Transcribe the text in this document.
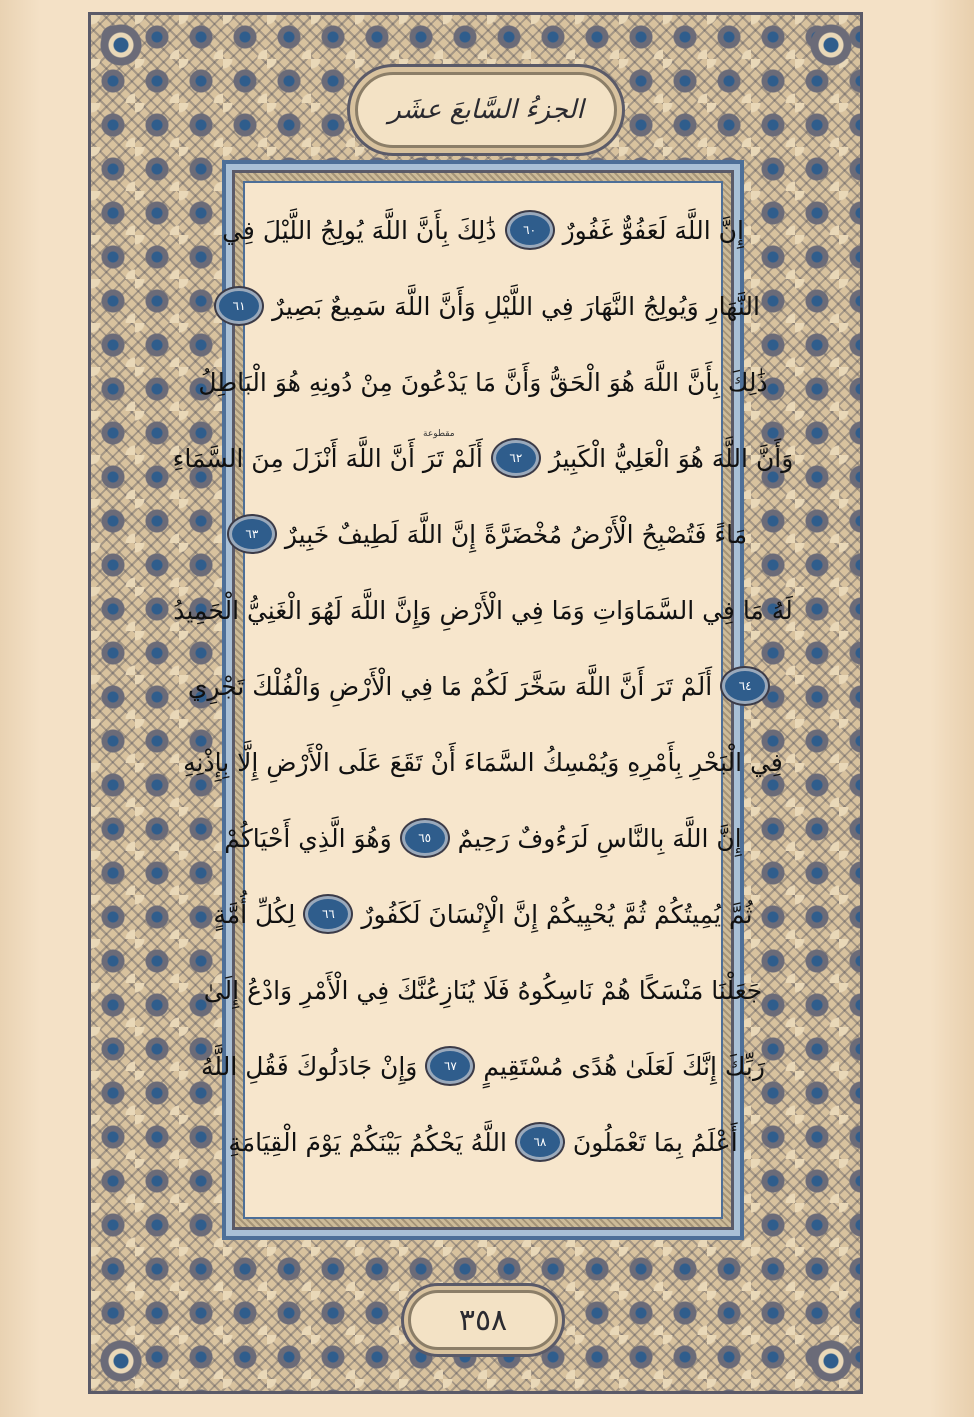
الجزءُ السَّابعَ عشَر
إِنَّ اللَّهَ لَعَفُوٌّ غَفُورٌ
٦٠
ذَٰلِكَ بِأَنَّ اللَّهَ يُولِجُ اللَّيْلَ فِي
النَّهَارِ وَيُولِجُ النَّهَارَ فِي اللَّيْلِ وَأَنَّ اللَّهَ سَمِيعٌ بَصِيرٌ
٦١
ذَٰلِكَ بِأَنَّ اللَّهَ هُوَ الْحَقُّ وَأَنَّ مَا يَدْعُونَ مِنْ دُونِهِ هُوَ الْبَاطِلُ
وَأَنَّ اللَّهَ هُوَ الْعَلِيُّ الْكَبِيرُ
٦٢
أَلَمْ تَرَ أَنَّ اللَّهَ أَنْزَلَ مِنَ السَّمَاءِ
مَاءً فَتُصْبِحُ الْأَرْضُ مُخْضَرَّةً إِنَّ اللَّهَ لَطِيفٌ خَبِيرٌ
٦٣
لَهُ مَا فِي السَّمَاوَاتِ وَمَا فِي الْأَرْضِ وَإِنَّ اللَّهَ لَهُوَ الْغَنِيُّ الْحَمِيدُ
٦٤
أَلَمْ تَرَ أَنَّ اللَّهَ سَخَّرَ لَكُمْ مَا فِي الْأَرْضِ وَالْفُلْكَ تَجْرِي
فِي الْبَحْرِ بِأَمْرِهِ وَيُمْسِكُ السَّمَاءَ أَنْ تَقَعَ عَلَى الْأَرْضِ إِلَّا بِإِذْنِهِ
إِنَّ اللَّهَ بِالنَّاسِ لَرَءُوفٌ رَحِيمٌ
٦٥
وَهُوَ الَّذِي أَحْيَاكُمْ
ثُمَّ يُمِيتُكُمْ ثُمَّ يُحْيِيكُمْ إِنَّ الْإِنْسَانَ لَكَفُورٌ
٦٦
لِكُلِّ أُمَّةٍ
جَعَلْنَا مَنْسَكًا هُمْ نَاسِكُوهُ فَلَا يُنَازِعُنَّكَ فِي الْأَمْرِ وَادْعُ إِلَىٰ
رَبِّكَ إِنَّكَ لَعَلَىٰ هُدًى مُسْتَقِيمٍ
٦٧
وَإِنْ جَادَلُوكَ فَقُلِ اللَّهُ
أَعْلَمُ بِمَا تَعْمَلُونَ
٦٨
اللَّهُ يَحْكُمُ بَيْنَكُمْ يَوْمَ الْقِيَامَةِ
مقطوعة
٣٥٨
